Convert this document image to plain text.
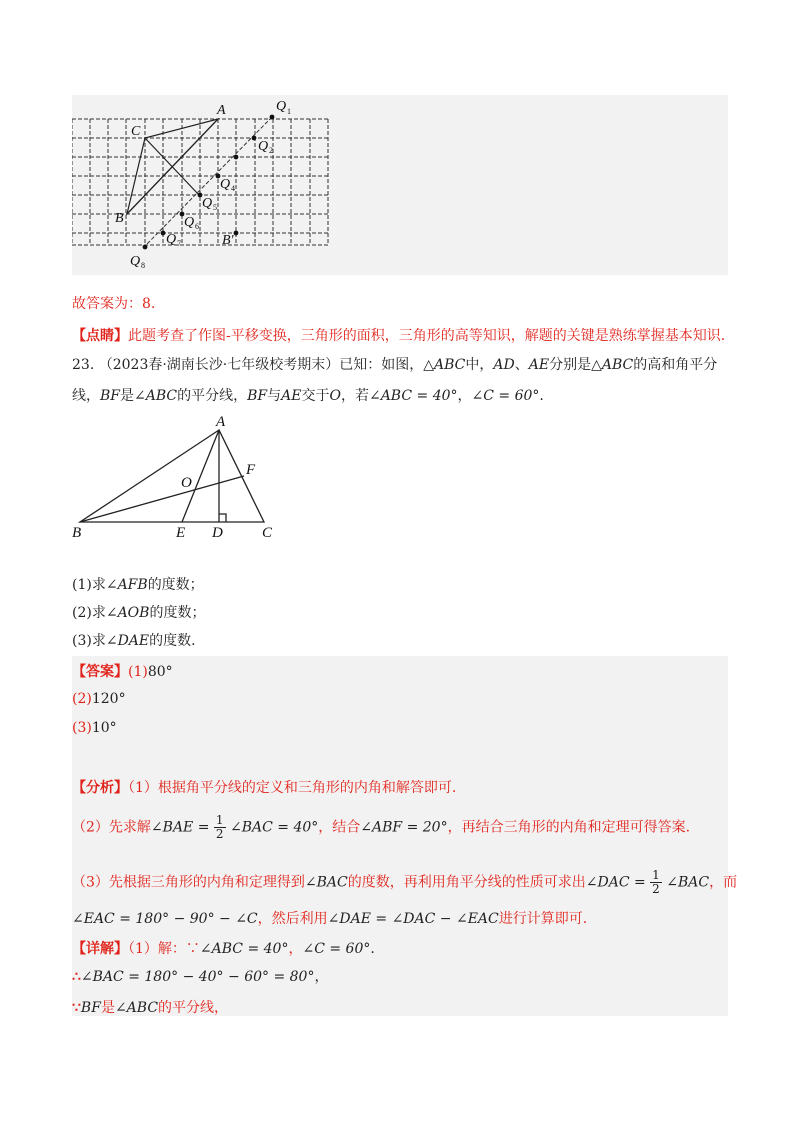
A
C
B
B′
Q
Q
Q
Q
Q
Q
Q
1
2
4
5
6
7
8
故答案为：8.
【点睛】此题考查了作图-平移变换，三角形的面积，三角形的高等知识，解题的关键是熟练掌握基本知识.
23. （2023春·湖南长沙·七年级校考期末）已知：如图，△ABC中，AD、AE分别是△ABC的高和角平分
线，BF是∠ABC的平分线，BF与AE交于O，若∠ABC = 40°，∠C = 60°.
A
B	C
D
E
F
O
(1)求∠AFB的度数；
(2)求∠AOB的度数；
(3)求∠DAE的度数.
【答案】(1)80°
(2)120°
(3)10°
【分析】（1）根据角平分线的定义和三角形的内角和解答即可.
（2）先求解∠BAE = $\frac{1}{2}$ ∠BAC = 40°，结合∠ABF = 20°，再结合三角形的内角和定理可得答案.
（3）先根据三角形的内角和定理得到∠BAC的度数，再利用角平分线的性质可求出∠DAC = $\frac{1}{2}$ ∠BAC，而
∠EAC = 180° − 90° − ∠C，然后利用∠DAE = ∠DAC − ∠EAC进行计算即可.
【详解】（1）解：∵∠ABC = 40°，∠C = 60°.
∴∠BAC = 180° − 40° − 60° = 80°，
∵BF是∠ABC的平分线，
